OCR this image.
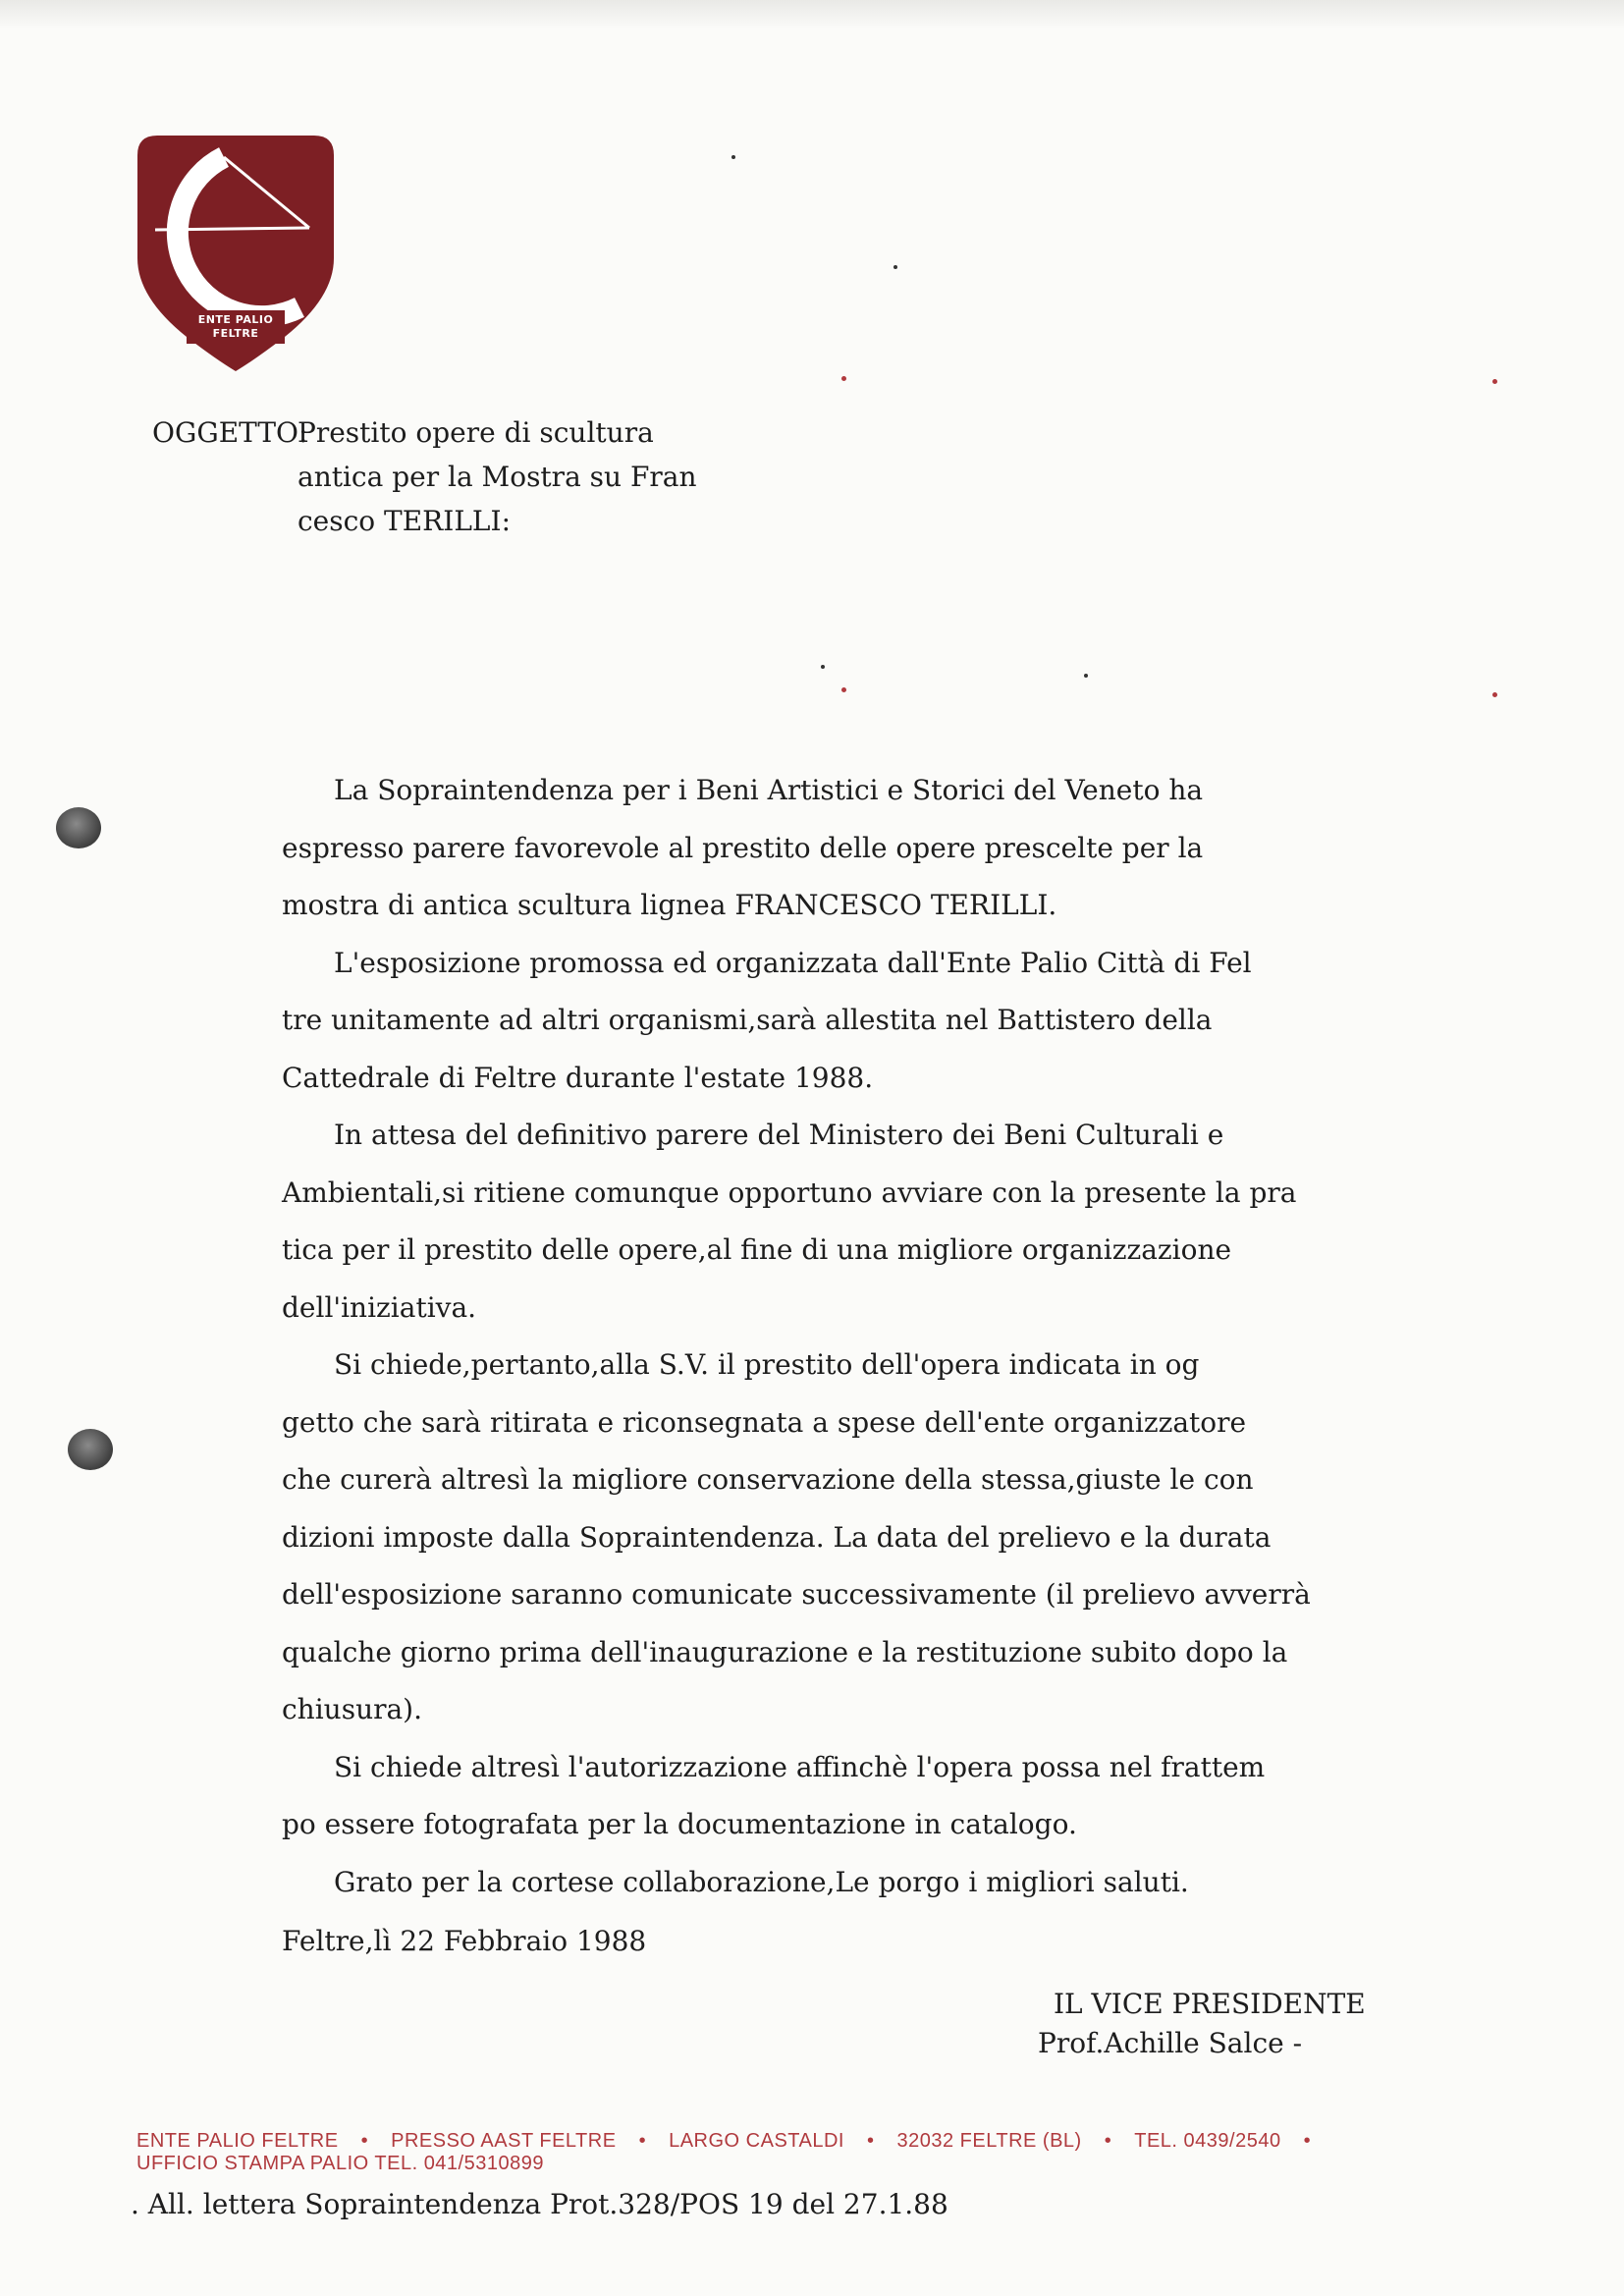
ENTE PALIO
FELTRE
OGGETTO:
Prestito opere di scultura
antica per la Mostra su Fran
cesco TERILLI:
La Sopraintendenza per i Beni Artistici e Storici del Veneto ha
espresso parere favorevole al prestito delle opere prescelte per la
mostra di antica scultura lignea FRANCESCO TERILLI.
L'esposizione promossa ed organizzata dall'Ente Palio Città di Fel
tre unitamente ad altri organismi,sarà allestita nel Battistero della
Cattedrale di Feltre durante l'estate 1988.
In attesa del definitivo parere del Ministero dei Beni Culturali e
Ambientali,si ritiene comunque opportuno avviare con la presente la pra
tica per il prestito delle opere,al fine di una migliore organizzazione
dell'iniziativa.
Si chiede,pertanto,alla S.V. il prestito dell'opera indicata in og
getto che sarà ritirata e riconsegnata a spese dell'ente organizzatore
che curerà altresì la migliore conservazione della stessa,giuste le con
dizioni imposte dalla Sopraintendenza. La data del prelievo e la durata
dell'esposizione saranno comunicate successivamente (il prelievo avverrà
qualche giorno prima dell'inaugurazione e la restituzione subito dopo la
chiusura).
Si chiede altresì l'autorizzazione affinchè l'opera possa nel frattem
po essere fotografata per la documentazione in catalogo.
Grato per la cortese collaborazione,Le porgo i migliori saluti.
Feltre,lì 22 Febbraio 1988
IL VICE PRESIDENTE
Prof.Achille Salce -
ENTE PALIO FELTRE • PRESSO AAST FELTRE • LARGO CASTALDI • 32032 FELTRE (BL) • TEL. 0439/2540 •
UFFICIO STAMPA PALIO TEL. 041/5310899
. All. lettera Sopraintendenza Prot.328/POS 19 del 27.1.88
